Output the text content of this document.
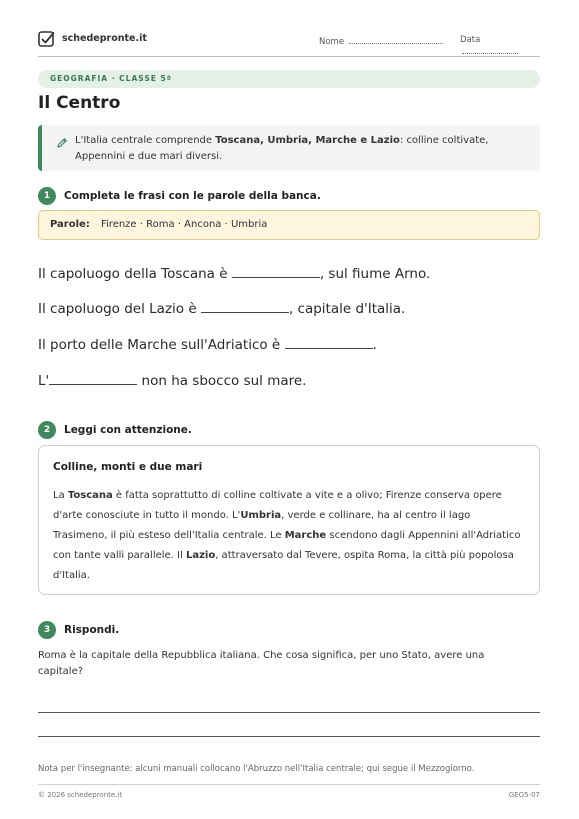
schedepronte.it	Nome	Data
GEOGRAFIA · CLASSE 5ª
Il Centro
L'Italia centrale comprende Toscana, Umbria, Marche e Lazio: colline coltivate, Appennini e due mari diversi.
1	Completa le frasi con le parole della banca.
Parole: Firenze · Roma · Ancona · Umbria
Il capoluogo della Toscana è	, sul fiume Arno.
Il capoluogo del Lazio è	, capitale d'Italia.
Il porto delle Marche sull'Adriatico è	.
L'	non ha sbocco sul mare.
2	Leggi con attenzione.
Colline, monti e due mari
La Toscana è fatta soprattutto di colline coltivate a vite e a olivo; Firenze conserva opere d'arte conosciute in tutto il mondo. L'Umbria, verde e collinare, ha al centro il lago Trasimeno, il più esteso dell'Italia centrale. Le Marche scendono dagli Appennini all'Adriatico con tante valli parallele. Il Lazio, attraversato dal Tevere, ospita Roma, la città più popolosa d'Italia.
3	Rispondi.
Roma è la capitale della Repubblica italiana. Che cosa significa, per uno Stato, avere una capitale?
Nota per l'insegnante: alcuni manuali collocano l'Abruzzo nell'Italia centrale; qui segue il Mezzogiorno.
© 2026 schedepronte.it	GEO5-07
